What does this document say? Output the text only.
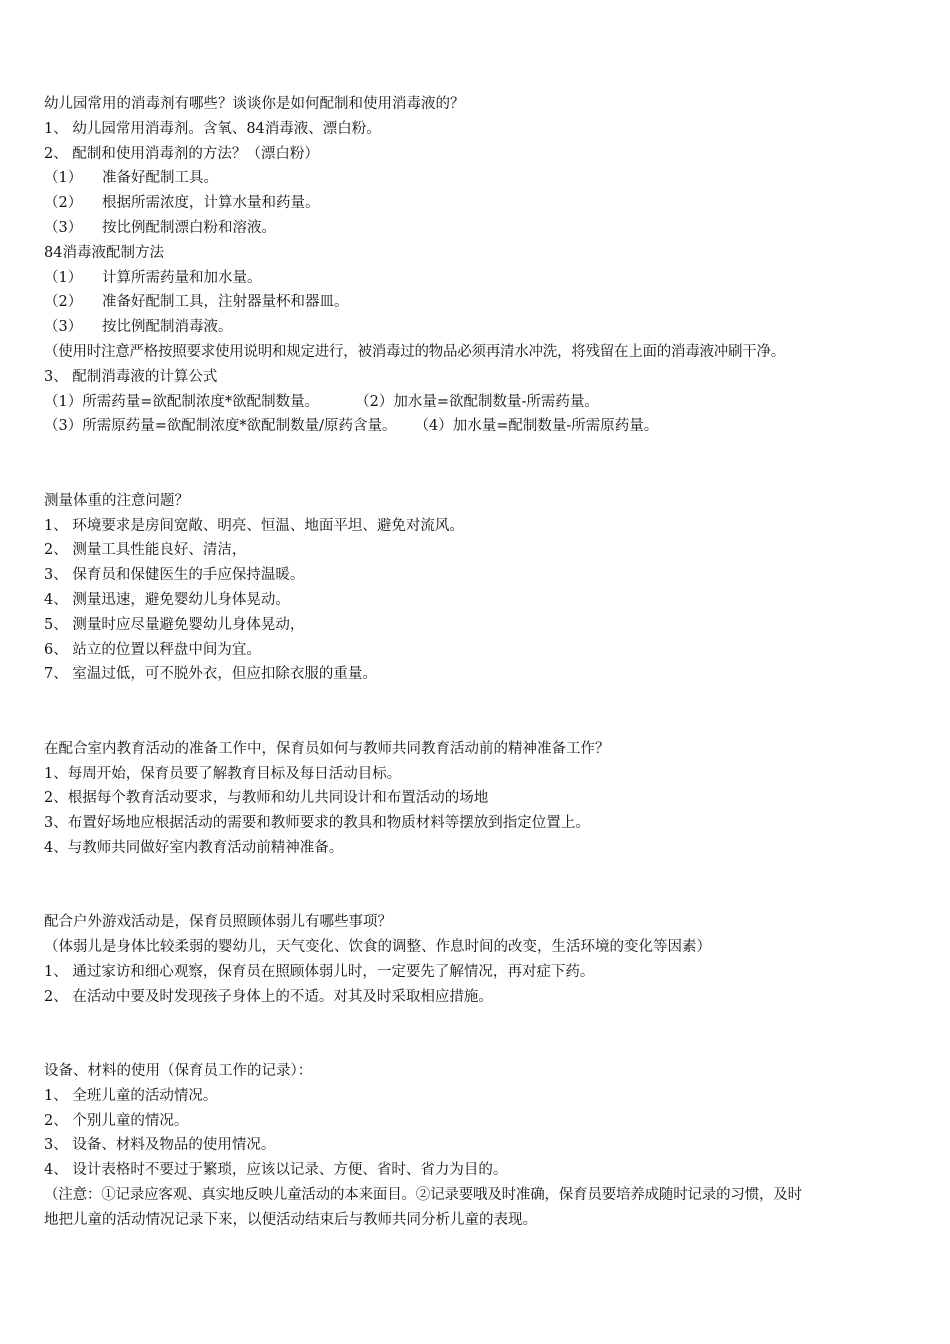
幼儿园常用的消毒剂有哪些？谈谈你是如何配制和使用消毒液的？
1、 幼儿园常用消毒剂。含氧、84消毒液、漂白粉。
2、 配制和使用消毒剂的方法？（漂白粉）
（1） 准备好配制工具。
（2） 根据所需浓度，计算水量和药量。
（3） 按比例配制漂白粉和溶液。
84消毒液配制方法
（1） 计算所需药量和加水量。
（2） 准备好配制工具，注射器量杯和器皿。
（3） 按比例配制消毒液。
（使用时注意严格按照要求使用说明和规定进行，被消毒过的物品必须再清水冲洗，将残留在上面的消毒液冲刷干净。
3、 配制消毒液的计算公式
（1）所需药量=欲配制浓度*欲配制数量。 （2）加水量=欲配制数量-所需药量。
（3）所需原药量=欲配制浓度*欲配制数量/原药含量。 （4）加水量=配制数量-所需原药量。
测量体重的注意问题？
1、 环境要求是房间宽敞、明亮、恒温、地面平坦、避免对流风。
2、 测量工具性能良好、清洁，
3、 保育员和保健医生的手应保持温暖。
4、 测量迅速，避免婴幼儿身体晃动。
5、 测量时应尽量避免婴幼儿身体晃动，
6、 站立的位置以秤盘中间为宜。
7、 室温过低，可不脱外衣，但应扣除衣服的重量。
在配合室内教育活动的准备工作中，保育员如何与教师共同教育活动前的精神准备工作？
1、每周开始，保育员要了解教育目标及每日活动目标。
2、根据每个教育活动要求，与教师和幼儿共同设计和布置活动的场地
3、布置好场地应根据活动的需要和教师要求的教具和物质材料等摆放到指定位置上。
4、与教师共同做好室内教育活动前精神准备。
配合户外游戏活动是，保育员照顾体弱儿有哪些事项？
（体弱儿是身体比较柔弱的婴幼儿，天气变化、饮食的调整、作息时间的改变，生活环境的变化等因素）
1、 通过家访和细心观察，保育员在照顾体弱儿时，一定要先了解情况，再对症下药。
2、 在活动中要及时发现孩子身体上的不适。对其及时采取相应措施。
设备、材料的使用（保育员工作的记录）：
1、 全班儿童的活动情况。
2、 个别儿童的情况。
3、 设备、材料及物品的使用情况。
4、 设计表格时不要过于繁琐，应该以记录、方便、省时、省力为目的。
（注意：①记录应客观、真实地反映儿童活动的本来面目。②记录要哦及时准确，保育员要培养成随时记录的习惯，及时
地把儿童的活动情况记录下来，以便活动结束后与教师共同分析儿童的表现。
